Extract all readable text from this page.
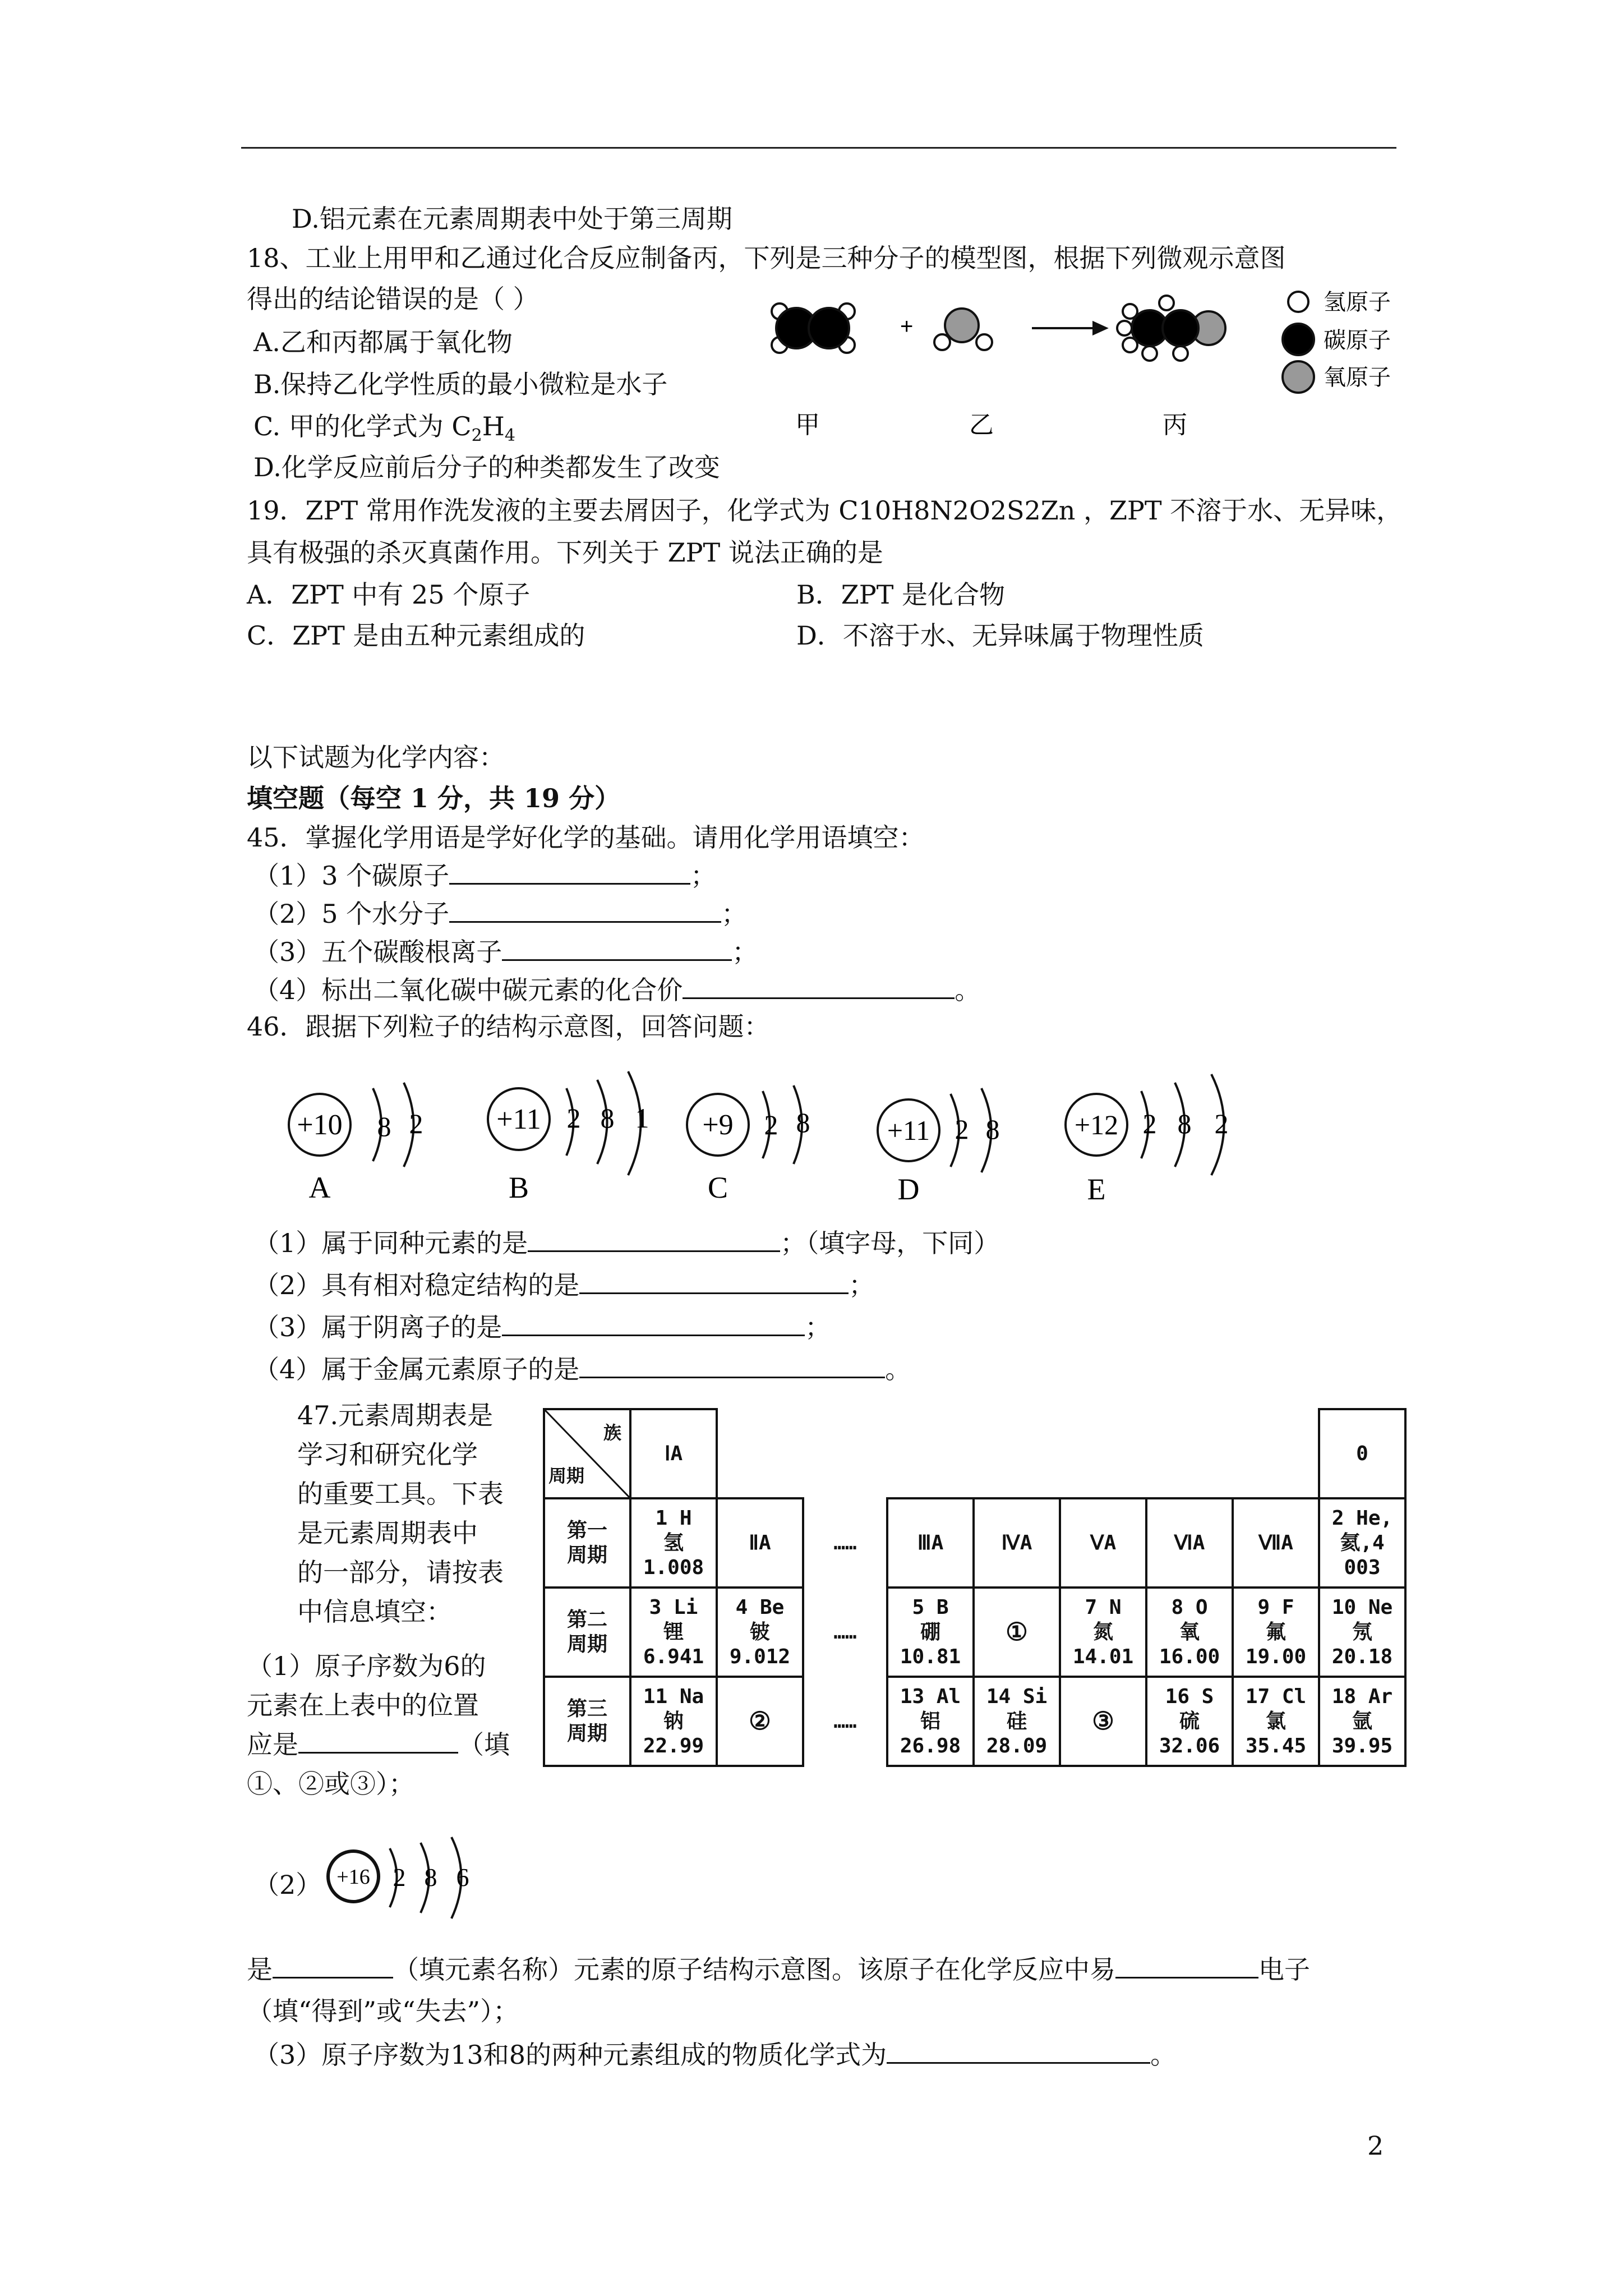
D.铝元素在元素周期表中处于第三周期
18、工业上用甲和乙通过化合反应制备丙，下列是三种分子的模型图，根据下列微观示意图
得出的结论错误的是（ ）
A.乙和丙都属于氧化物
B.保持乙化学性质的最小微粒是水子
C. 甲的化学式为 $C_2H_4$
D.化学反应前后分子的种类都发生了改变
+
氢原子
碳原子
氧原子
甲	乙	丙
19．ZPT 常用作洗发液的主要去屑因子，化学式为 C10H8N2O2S2Zn ，ZPT 不溶于水、无异味，
具有极强的杀灭真菌作用。下列关于 ZPT 说法正确的是
A．ZPT 中有 25 个原子	B．ZPT 是化合物
C．ZPT 是由五种元素组成的	D．不溶于水、无异味属于物理性质
以下试题为化学内容：
填空题（每空 1 分，共 19 分）
45．掌握化学用语是学好化学的基础。请用化学用语填空：
（1）3 个碳原子	；
（2）5 个水分子	；
（3）五个碳酸根离子	；
（4）标出二氧化碳中碳元素的化合价	。
46．跟据下列粒子的结构示意图，回答问题：
+10 8 2
A
+11 2 8 1
B
+9 2 8
C
+11 2 8
D
+12 2 8 2
E
（1）属于同种元素的是	；（填字母，下同）
（2）具有相对稳定结构的是	；
（3）属于阴离子的是	；
（4）属于金属元素原子的是	。
47.元素周期表是
学习和研究化学
的重要工具。下表
是元素周期表中
的一部分，请按表
中信息填空：
（1）原子序数为6的
元素在上表中的位置
应是	（填
①、②或③）；
族
周期	ⅠA								0

第一
周期	1 H
氢
1.008	ⅡA	……	ⅢA	ⅣA	ⅤA	ⅥA	ⅦA	2 He,氦,4 003

第二
周期	3 Li
锂
6.941	4 Be
铍
9.012	……	5 B
硼
10.81	①	7 N
氮
14.01	8 O
氧
16.00	9 F
氟
19.00	10 Ne
氖
20.18

第三
周期	11 Na
钠
22.99	②	……	13 Al
铝
26.98	14 Si
硅
28.09	③	16 S
硫
32.06	17 Cl
氯
35.45	18 Ar
氩
39.95
（2） +16 2 8 6
是	（填元素名称）元素的原子结构示意图。该原子在化学反应中易	电子
（填“得到”或“失去”）；
（3）原子序数为13和8的两种元素组成的物质化学式为	。
2
